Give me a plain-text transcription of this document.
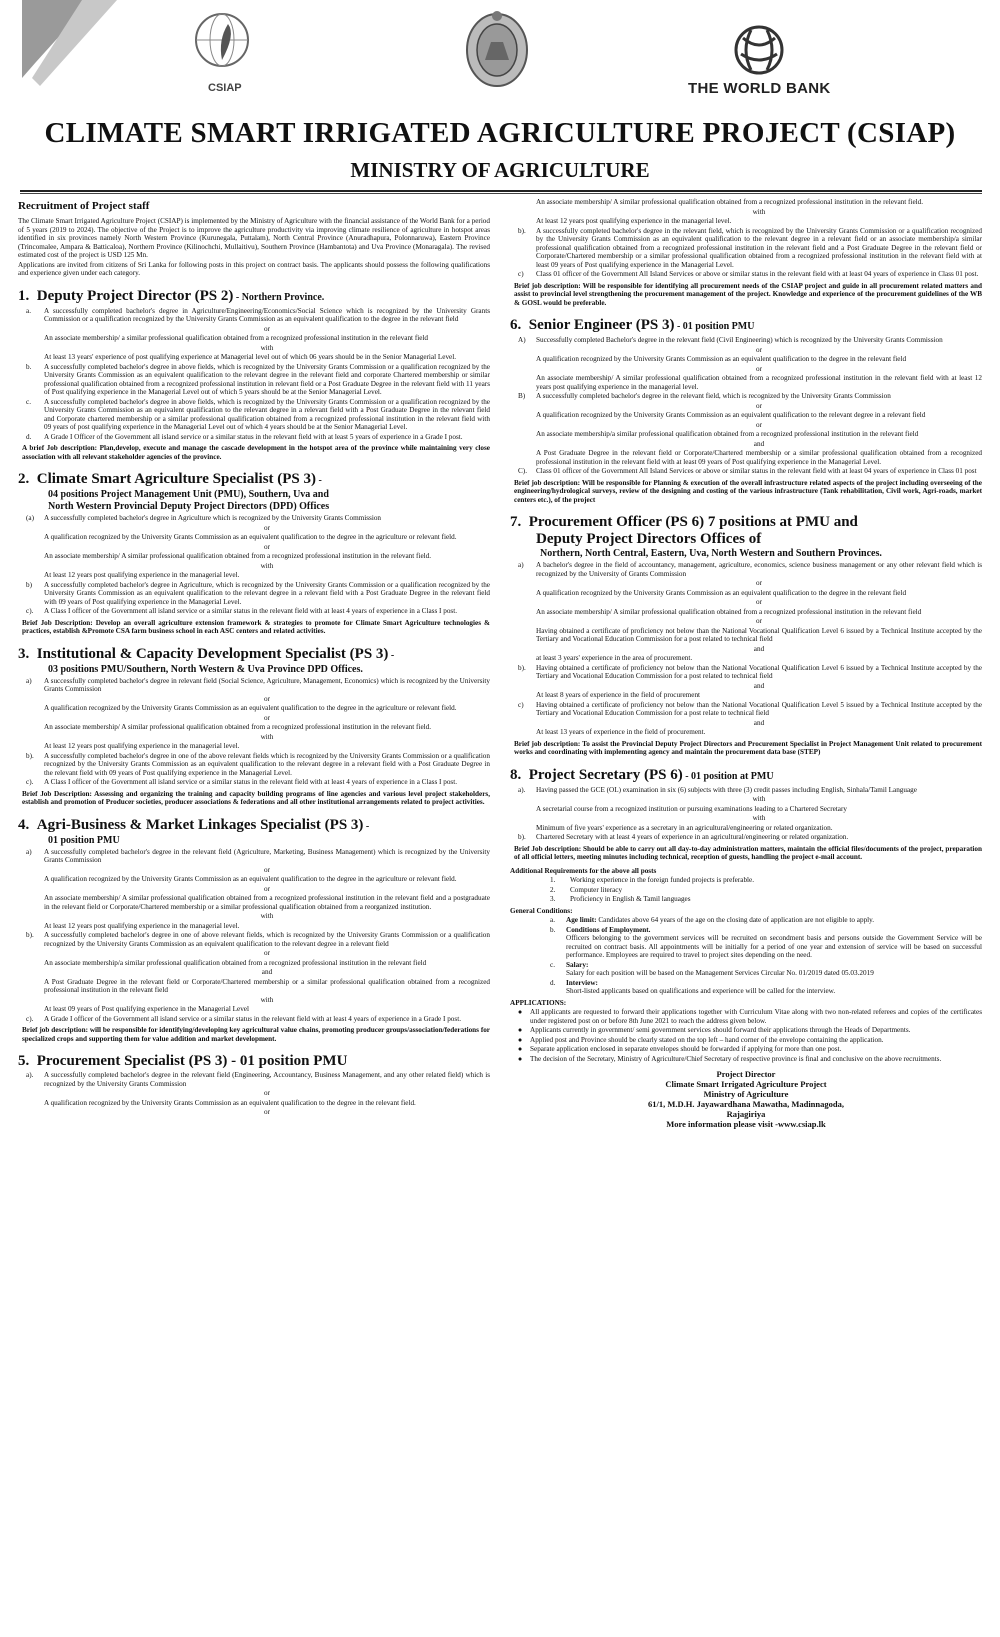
CSIAP	THE WORLD BANK
CLIMATE SMART IRRIGATED AGRICULTURE PROJECT (CSIAP)
MINISTRY OF AGRICULTURE
Recruitment of Project staff

The Climate Smart Irrigated Agriculture Project (CSIAP) is implemented by the Ministry of Agriculture with the financial assistance of the World Bank for a period of 5 years (2019 to 2024). The objective of the Project is to improve the agriculture productivity via improving climate resilience of agriculture in hotspot areas identified in six provinces namely North Western Province (Kurunegala, Puttalam), North Central Province (Anuradhapura, Polonnaruwa), Eastern Province (Trincomalee, Ampara & Batticaloa), Northern Province (Kilinochchi, Mullaitivu), Southern Province (Hambantota) and Uva Province (Monaragala). The revised estimated cost of the project is USD 125 Mn.

Applications are invited from citizens of Sri Lanka for following posts in this project on contract basis. The applicants should possess the following qualifications and experience given under each category.

1. Deputy Project Director (PS 2) - Northern Province.
a.	A successfully completed bachelor's degree in Agriculture/Engineering/Economics/Social Science which is recognized by the University Grants Commission or a qualification recognized by the University Grants Commission as an equivalent qualification to the degree in the relevant field
or
An associate membership/ a similar professional qualification obtained from a recognized professional institution in the relevant field
with
At least 13 years' experience of post qualifying experience at Managerial level out of which 06 years should be in the Senior Managerial Level.
b.	A successfully completed bachelor's degree in above fields, which is recognized by the University Grants Commission or a qualification recognized by the University Grants Commission as an equivalent qualification to the relevant degree in the relevant field and corporate Chartered membership or similar professional qualification obtained from a recognized professional institution in relevant field or a Post Graduate Degree in the relevant field with 11 years of Post qualifying experience in the Managerial Level out of which 5 years should be at the Senior Managerial Level.
c.	A successfully completed bachelor's degree in above fields, which is recognized by the University Grants Commission or a qualification recognized by the University Grants Commission as an equivalent qualification to the relevant degree in a relevant field with a Post Graduate Degree in the relevant field and Corporate chartered membership or a similar professional qualification obtained from a recognized professional institution in the relevant field with 09 years of post qualifying experience in the Managerial Level out of which 4 years should be at the Senior Managerial Level.
d.	A Grade I Officer of the Government all island service or a similar status in the relevant field with at least 5 years of experience in a Grade I post.
A brief Job description: Plan,develop, execute and manage the cascade development in the hotspot area of the province while maintaining very close association with all relevant stakeholder agencies of the province.
2. Climate Smart Agriculture Specialist (PS 3) -
04 positions Project Management Unit (PMU), Southern, Uva and
North Western Provincial Deputy Project Directors (DPD) Offices
(a)	A successfully completed bachelor's degree in Agriculture which is recognized by the University Grants Commission
or
A qualification recognized by the University Grants Commission as an equivalent qualification to the degree in the agriculture or relevant field.
or
An associate membership/ A similar professional qualification obtained from a recognized professional institution in the relevant field.
with
At least 12 years post qualifying experience in the managerial level.
b)	A successfully completed bachelor's degree in Agriculture, which is recognized by the University Grants Commission or a qualification recognized by the University Grants Commission as an equivalent qualification to the relevant degree in a relevant field with a Post Graduate Degree in the relevant field with 09 years of Post qualifying experience in the Managerial Level.
c).	A Class I officer of the Government all island service or a similar status in the relevant field with at least 4 years of experience in a Class I post.
Brief Job Description: Develop an overall agriculture extension framework & strategies to promote for Climate Smart Agriculture technologies & practices, establish &Promote CSA farm business school in each ASC centers and related activities.
3. Institutional & Capacity Development Specialist (PS 3) -
03 positions PMU/Southern, North Western & Uva Province DPD Offices.
a)	A successfully completed bachelor's degree in relevant field (Social Science, Agriculture, Management, Economics) which is recognized by the University Grants Commission
or
A qualification recognized by the University Grants Commission as an equivalent qualification to the degree in the agriculture or relevant field.
or
An associate membership/ A similar professional qualification obtained from a recognized professional institution in the relevant field.
with
At least 12 years post qualifying experience in the managerial level.
b).	A successfully completed bachelor's degree in one of the above relevant fields which is recognized by the University Grants Commission or a qualification recognized by the University Grants Commission as an equivalent qualification to the relevant degree in a relevant field with a Post Graduate Degree in the relevant field with 09 years of Post qualifying experience in the Managerial Level.
c).	A Class I officer of the Government all island service or a similar status in the relevant field with at least 4 years of experience in a Class I post.
Brief Job Description: Assessing and organizing the training and capacity building programs of line agencies and various level project stakeholders, establish and promotion of Producer societies, producer associations & federations and all other institutional arrangements related to project activities.
4. Agri-Business & Market Linkages Specialist (PS 3) -
01 position PMU
a)	A successfully completed bachelor's degree in the relevant field (Agriculture, Marketing, Business Management) which is recognized by the University Grants Commission
or
A qualification recognized by the University Grants Commission as an equivalent qualification to the degree in the agriculture or relevant field.
or
An associate membership/ A similar professional qualification obtained from a recognized professional institution in the relevant field and a postgraduate in the relevant field or Corporate/Chartered membership or a similar professional qualification obtained from a reorganized institution.
with
At least 12 years post qualifying experience in the managerial level.
b).	A successfully completed bachelor's degree in one of above relevant fields, which is recognized by the University Grants Commission or a qualification recognized by the University Grants Commission as an equivalent qualification to the relevant degree in a relevant field
or
An associate membership/a similar professional qualification obtained from a recognized professional institution in the relevant field
and
A Post Graduate Degree in the relevant field or Corporate/Chartered membership or a similar professional qualification obtained from a recognized professional institution in the relevant field
with
At least 09 years of Post qualifying experience in the Managerial Level
c).	A Grade I officer of the Government all island service or a similar status in the relevant field with at least 4 years of experience in a Grade I post.
Brief job description: will be responsible for identifying/developing key agricultural value chains, promoting producer groups/association/federations for specialized crops and supporting them for value addition and market development.
5. Procurement Specialist (PS 3) - 01 position PMU
a).	A successfully completed bachelor's degree in the relevant field (Engineering, Accountancy, Business Management, and any other related field) which is recognized by the University Grants Commission
or
A qualification recognized by the University Grants Commission as an equivalent qualification to the degree in the relevant field.
or
An associate membership/ A similar professional qualification obtained from a recognized professional institution in the relevant field.
with
At least 12 years post qualifying experience in the managerial level.
b).	A successfully completed bachelor's degree in the relevant field, which is recognized by the University Grants Commission or a qualification recognized by the University Grants Commission as an equivalent qualification to the relevant degree in a relevant field or an associate membership/a similar professional qualification obtained from a recognized professional institution in the relevant field and a Post Graduate Degree in the relevant field or Corporate/Chartered membership or a similar professional qualification obtained from a recognized professional institution in the relevant field with at least 09 years of Post qualifying experience in the Managerial Level.
c)	Class 01 officer of the Government All Island Services or above or similar status in the relevant field with at least 04 years of experience in Class 01 post.
Brief job description: Will be responsible for identifying all procurement needs of the CSIAP project and guide in all procurement related matters and assist to provincial level strengthening the procurement management of the project. Knowledge and experience of the procurement guidelines of the WB & GOSL would be preferable.
6. Senior Engineer (PS 3) - 01 position PMU
A)	Successfully completed Bachelor's degree in the relevant field (Civil Engineering) which is recognized by the University Grants Commission
or
A qualification recognized by the University Grants Commission as an equivalent qualification to the degree in the relevant field
or
An associate membership/ A similar professional qualification obtained from a recognized professional institution in the relevant field with at least 12 years post qualifying experience in the managerial level.
B)	A successfully completed bachelor's degree in the relevant field, which is recognized by the University Grants Commission
or
A qualification recognized by the University Grants Commission as an equivalent qualification to the relevant degree in a relevant field
or
An associate membership/a similar professional qualification obtained from a recognized professional institution in the relevant field
and
A Post Graduate Degree in the relevant field or Corporate/Chartered membership or a similar professional qualification obtained from a recognized professional institution in the relevant field with at least 09 years of Post qualifying experience in the Managerial Level.
C).	Class 01 officer of the Government All Island Services or above or similar status in the relevant field with at least 04 years of experience in Class 01 post
Brief job description: Will be responsible for Planning & execution of the overall infrastructure related aspects of the project including overseeing of the engineering/hydrological surveys, review of the designing and costing of the various infrastructure (Tank rehabilitation, Civil work, Agri-roads, market centers etc.), of the project
7. Procurement Officer (PS 6) 7 positions at PMU and
Deputy Project Directors Offices of
Northern, North Central, Eastern, Uva, North Western and Southern Provinces.
a)	A bachelor's degree in the field of accountancy, management, agriculture, economics, science business management or any other relevant field which is recognized by the University of Grants Commission
or
A qualification recognized by the University Grants Commission as an equivalent qualification to the degree in the relevant field
or
An associate membership/ A similar professional qualification obtained from a recognized professional institution in the relevant field
or
Having obtained a certificate of proficiency not below than the National Vocational Qualification Level 6 issued by a Technical Institute accepted by the Tertiary and Vocational Education Commission for a post related to technical field
and
at least 3 years' experience in the area of procurement.
b).	Having obtained a certificate of proficiency not below than the National Vocational Qualification Level 6 issued by a Technical Institute accepted by the Tertiary and Vocational Education Commission for a post related to technical field
and
At least 8 years of experience in the field of procurement
c)	Having obtained a certificate of proficiency not below than the National Vocational Qualification Level 5 issued by a Technical Institute accepted by the Tertiary and Vocational Education Commission for a post relate to technical field
and
At least 13 years of experience in the field of procurement.
Brief job description: To assist the Provincial Deputy Project Directors and Procurement Specialist in Project Management Unit related to procurement works and coordinating with implementing agency and maintain the procurement data base (STEP)
8. Project Secretary (PS 6) - 01 position at PMU
a).	Having passed the GCE (OL) examination in six (6) subjects with three (3) credit passes including English, Sinhala/Tamil Language
with
A secretarial course from a recognized institution or pursuing examinations leading to a Chartered Secretary
with
Minimum of five years' experience as a secretary in an agricultural/engineering or related organization.
b).	Chartered Secretary with at least 4 years of experience in an agricultural/engineering or related organization.
Brief Job description: Should be able to carry out all day-to-day administration matters, maintain the official files/documents of the project, preparation of all official letters, meeting minutes including technical, reception of guests, handling the project e-mail account.
Additional Requirements for the above all posts
1.	Working experience in the foreign funded projects is preferable.
2.	Computer literacy
3.	Proficiency in English & Tamil languages
General Conditions:
a.	Age limit: Candidates above 64 years of the age on the closing date of application are not eligible to apply.
b.	Conditions of Employment.
Officers belonging to the government services will be recruited on secondment basis and persons outside the Government Service will be recruited on contract basis. All appointments will be initially for a period of one year and extension of service will be based on successful performance. Employees are required to travel to project sites depending on the need.
c.	Salary:
Salary for each position will be based on the Management Services Circular No. 01/2019 dated 05.03.2019
d.	Interview:
Short-listed applicants based on qualifications and experience will be called for the interview.
APPLICATIONS:
●	All applicants are requested to forward their applications together with Curriculum Vitae along with two non-related referees and copies of the certificates under registered post on or before 8th June 2021 to reach the address given below.
●	Applicants currently in government/ semi government services should forward their applications through the Heads of Departments.
●	Applied post and Province should be clearly stated on the top left – hand corner of the envelope containing the application.
●	Separate application enclosed in separate envelopes should be forwarded if applying for more than one post.
●	The decision of the Secretary, Ministry of Agriculture/Chief Secretary of respective province is final and conclusive on the above recruitments.
Project Director
Climate Smart Irrigated Agriculture Project
Ministry of Agriculture
61/1, M.D.H. Jayawardhana Mawatha, Madinnagoda,
Rajagiriya
More information please visit -www.csiap.lk
